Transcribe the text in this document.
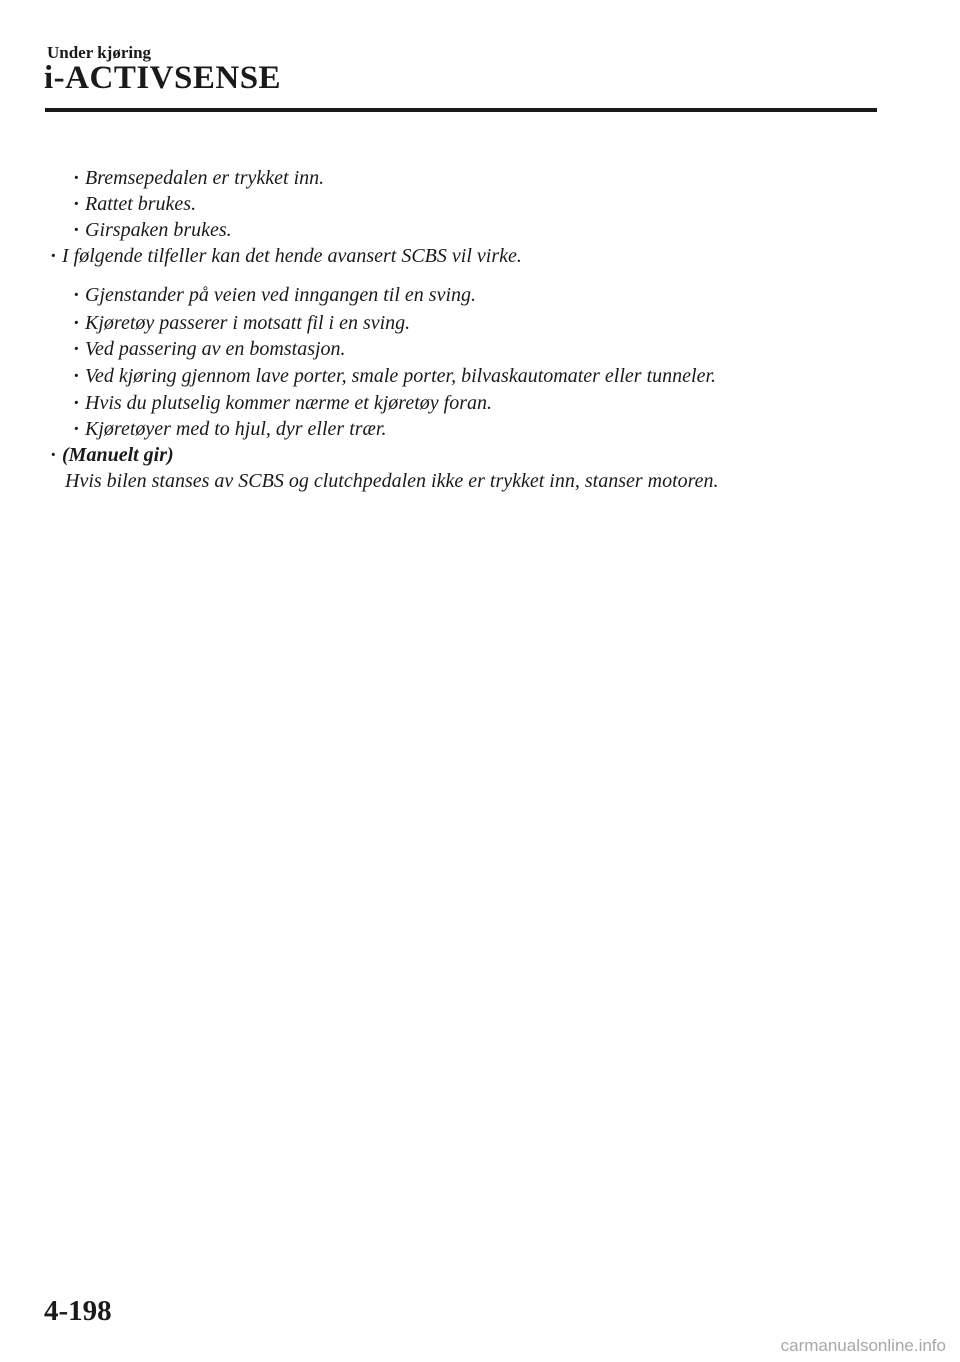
Under kjøring
i-ACTIVSENSE
· Bremsepedalen er trykket inn.
· Rattet brukes.
· Girspaken brukes.
· I følgende tilfeller kan det hende avansert SCBS vil virke.
· Gjenstander på veien ved inngangen til en sving.
· Kjøretøy passerer i motsatt fil i en sving.
· Ved passering av en bomstasjon.
· Ved kjøring gjennom lave porter, smale porter, bilvaskautomater eller tunneler.
· Hvis du plutselig kommer nærme et kjøretøy foran.
· Kjøretøyer med to hjul, dyr eller trær.
· (Manuelt gir)
Hvis bilen stanses av SCBS og clutchpedalen ikke er trykket inn, stanser motoren.
4-198
carmanualsonline.info
